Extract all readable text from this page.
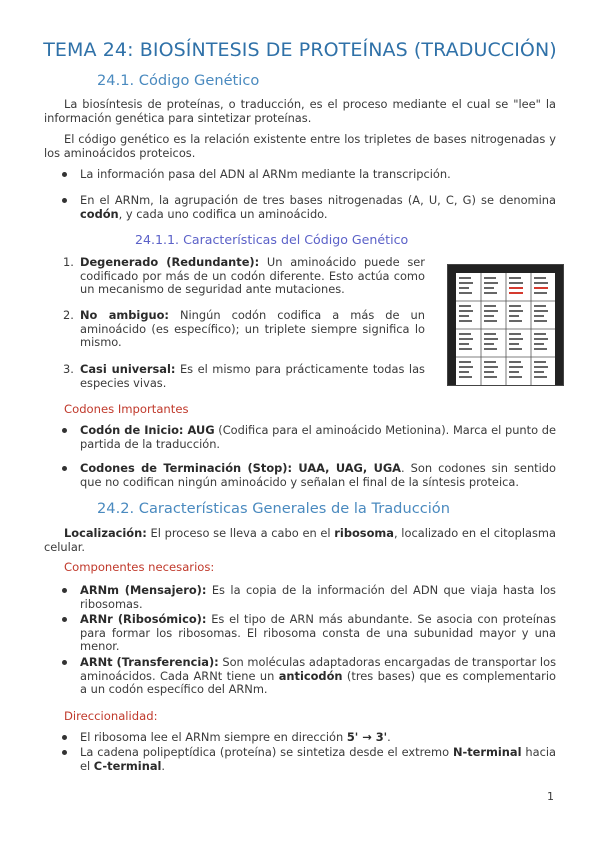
TEMA 24: BIOSÍNTESIS DE PROTEÍNAS (TRADUCCIÓN)
24.1. Código Genético
La biosíntesis de proteínas, o traducción, es el proceso mediante el cual se "lee" la información genética para sintetizar proteínas.
El código genético es la relación existente entre los tripletes de bases nitrogenadas y los aminoácidos proteicos.
La información pasa del ADN al ARNm mediante la transcripción.
En el ARNm, la agrupación de tres bases nitrogenadas (A, U, C, G) se denomina codón, y cada uno codifica un aminoácido.
24.1.1. Características del Código Genético
1. Degenerado (Redundante): Un aminoácido puede ser codificado por más de un codón diferente. Esto actúa como un mecanismo de seguridad ante mutaciones.
2. No ambiguo: Ningún codón codifica a más de un aminoácido (es específico); un triplete siempre significa lo mismo.
3. Casi universal: Es el mismo para prácticamente todas las especies vivas.
Codones Importantes
Codón de Inicio: AUG (Codifica para el aminoácido Metionina). Marca el punto de partida de la traducción.
Codones de Terminación (Stop): UAA, UAG, UGA. Son codones sin sentido que no codifican ningún aminoácido y señalan el final de la síntesis proteica.
24.2. Características Generales de la Traducción
Localización: El proceso se lleva a cabo en el ribosoma, localizado en el citoplasma celular.
Componentes necesarios:
ARNm (Mensajero): Es la copia de la información del ADN que viaja hasta los ribosomas.
ARNr (Ribosómico): Es el tipo de ARN más abundante. Se asocia con proteínas para formar los ribosomas. El ribosoma consta de una subunidad mayor y una menor.
ARNt (Transferencia): Son moléculas adaptadoras encargadas de transportar los aminoácidos. Cada ARNt tiene un anticodón (tres bases) que es complementario a un codón específico del ARNm.
Direccionalidad:
El ribosoma lee el ARNm siempre en dirección 5' → 3'.
La cadena polipeptídica (proteína) se sintetiza desde el extremo N-terminal hacia el C-terminal.
1
